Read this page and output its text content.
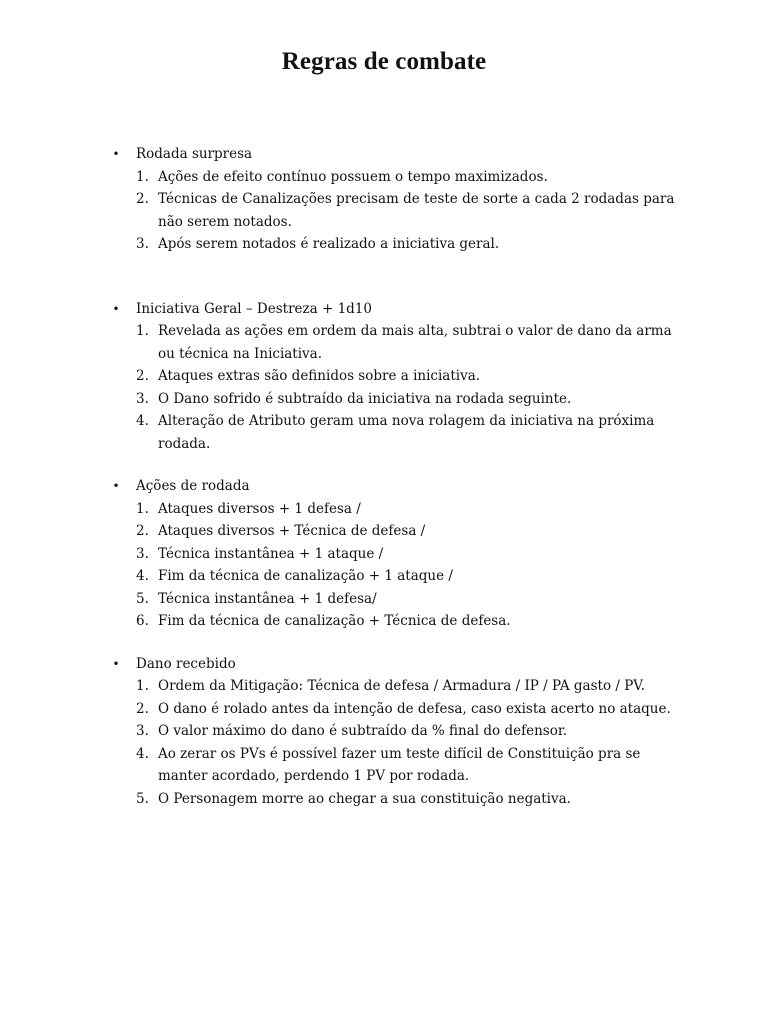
Regras de combate
• Rodada surpresa
1. Ações de efeito contínuo possuem o tempo maximizados.
2. Técnicas de Canalizações precisam de teste de sorte a cada 2 rodadas para não serem notados.
3. Após serem notados é realizado a iniciativa geral.
• Iniciativa Geral – Destreza + 1d10
1. Revelada as ações em ordem da mais alta, subtrai o valor de dano da arma ou técnica na Iniciativa.
2. Ataques extras são definidos sobre a iniciativa.
3. O Dano sofrido é subtraído da iniciativa na rodada seguinte.
4. Alteração de Atributo geram uma nova rolagem da iniciativa na próxima rodada.
• Ações de rodada
1. Ataques diversos + 1 defesa /
2. Ataques diversos + Técnica de defesa /
3. Técnica instantânea + 1 ataque /
4. Fim da técnica de canalização + 1 ataque /
5. Técnica instantânea + 1 defesa/
6. Fim da técnica de canalização + Técnica de defesa.
• Dano recebido
1. Ordem da Mitigação: Técnica de defesa / Armadura / IP / PA gasto / PV.
2. O dano é rolado antes da intenção de defesa, caso exista acerto no ataque.
3. O valor máximo do dano é subtraído da % final do defensor.
4. Ao zerar os PVs é possível fazer um teste difícil de Constituição pra se manter acordado, perdendo 1 PV por rodada.
5. O Personagem morre ao chegar a sua constituição negativa.
